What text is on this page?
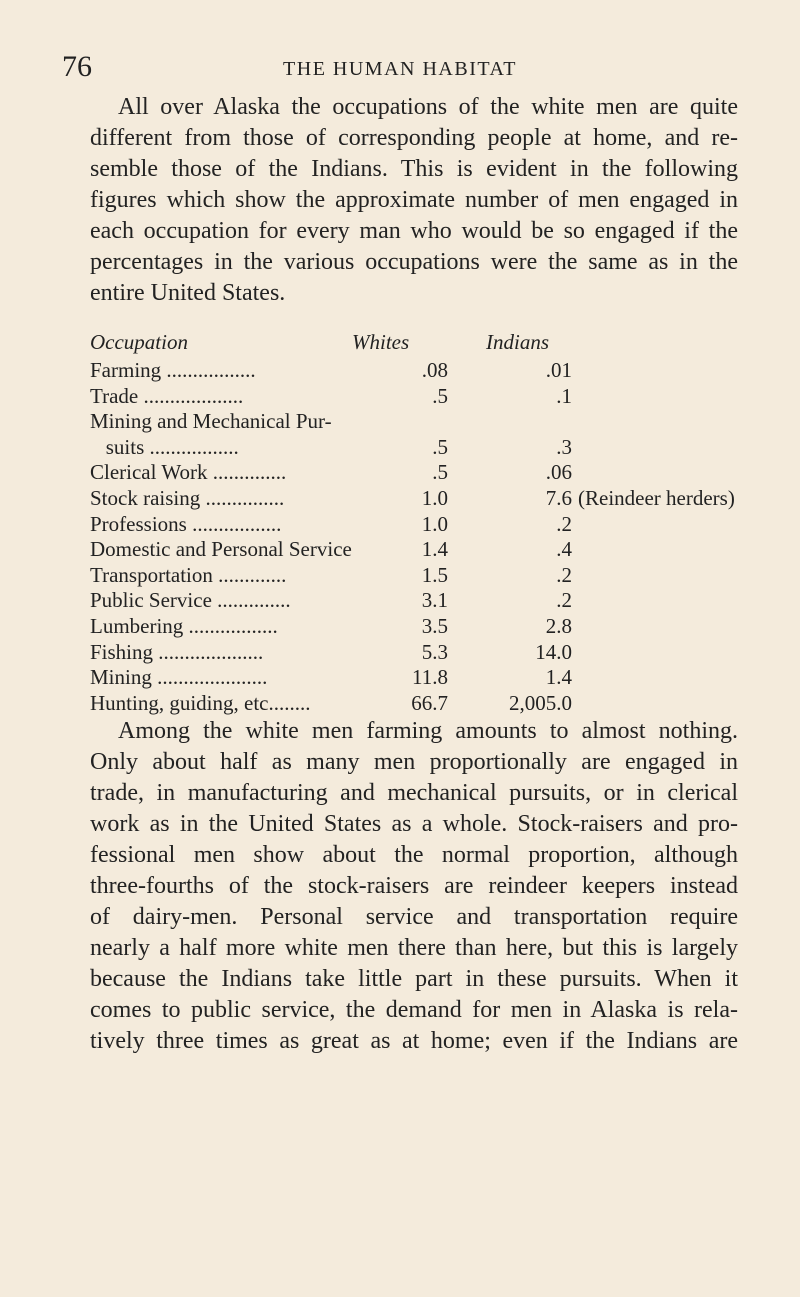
76	THE HUMAN HABITAT

All over Alaska the occupations of the white men are quite
different from those of corresponding people at home, and re-
semble those of the Indians. This is evident in the following
figures which show the approximate number of men engaged in
each occupation for every man who would be so engaged if the
percentages in the various occupations were the same as in the
entire United States.

Occupation	Whites	Indians
Farming .................	.08	.01
Trade ...................	.5	.1
Mining and Mechanical Pur-
suits .................	.5	.3
Clerical Work ..............	.5	.06
Stock raising ...............	1.0	7.6 (Reindeer herders)
Professions .................	1.0	.2
Domestic and Personal Service	1.4	.4
Transportation .............	1.5	.2
Public Service ..............	3.1	.2
Lumbering .................	3.5	2.8
Fishing ....................	5.3	14.0
Mining .....................	11.8	1.4
Hunting, guiding, etc........	66.7	2,005.0

Among the white men farming amounts to almost nothing.
Only about half as many men proportionally are engaged in
trade, in manufacturing and mechanical pursuits, or in clerical
work as in the United States as a whole. Stock-raisers and pro-
fessional men show about the normal proportion, although
three-fourths of the stock-raisers are reindeer keepers instead
of dairy-men. Personal service and transportation require
nearly a half more white men there than here, but this is largely
because the Indians take little part in these pursuits. When it
comes to public service, the demand for men in Alaska is rela-
tively three times as great as at home; even if the Indians are
